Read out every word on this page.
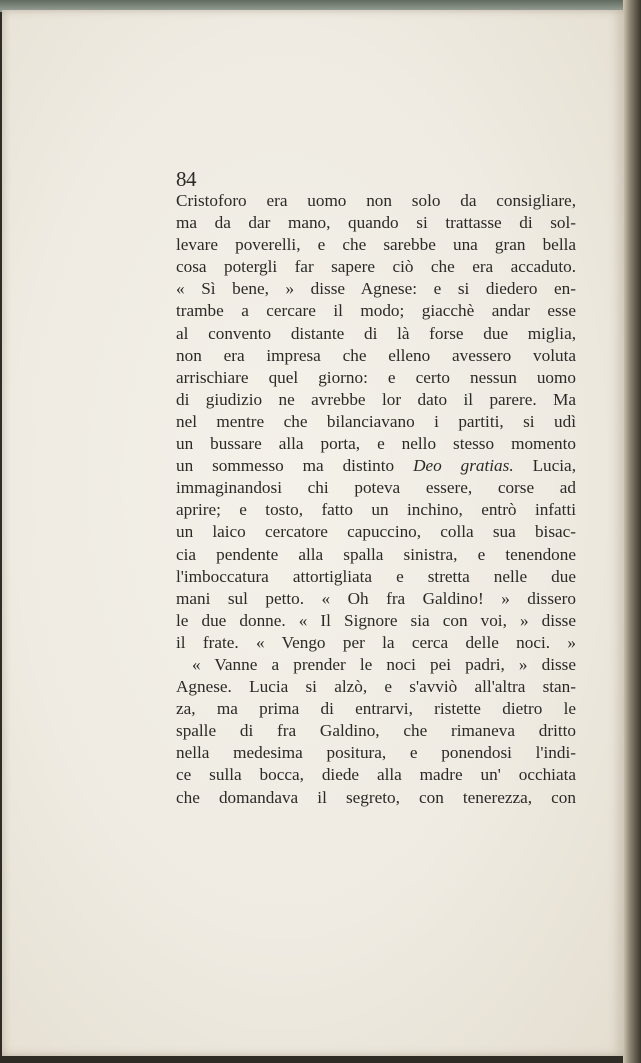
84
Cristoforo era uomo non solo da consigliare,
ma da dar mano, quando si trattasse di sol-
levare poverelli, e che sarebbe una gran bella
cosa potergli far sapere ciò che era accaduto.
« Sì bene, » disse Agnese: e si diedero en-
trambe a cercare il modo; giacchè andar esse
al convento distante di là forse due miglia,
non era impresa che elleno avessero voluta
arrischiare quel giorno: e certo nessun uomo
di giudizio ne avrebbe lor dato il parere. Ma
nel mentre che bilanciavano i partiti, si udì
un bussare alla porta, e nello stesso momento
un sommesso ma distinto Deo gratias. Lucia,
immaginandosi chi poteva essere, corse ad
aprire; e tosto, fatto un inchino, entrò infatti
un laico cercatore capuccino, colla sua bisac-
cia pendente alla spalla sinistra, e tenendone
l'imboccatura attortigliata e stretta nelle due
mani sul petto. « Oh fra Galdino! » dissero
le due donne. « Il Signore sia con voi, » disse
il frate. « Vengo per la cerca delle noci. »
« Vanne a prender le noci pei padri, » disse
Agnese. Lucia si alzò, e s'avviò all'altra stan-
za, ma prima di entrarvi, ristette dietro le
spalle di fra Galdino, che rimaneva dritto
nella medesima positura, e ponendosi l'indi-
ce sulla bocca, diede alla madre un' occhiata
che domandava il segreto, con tenerezza, con
